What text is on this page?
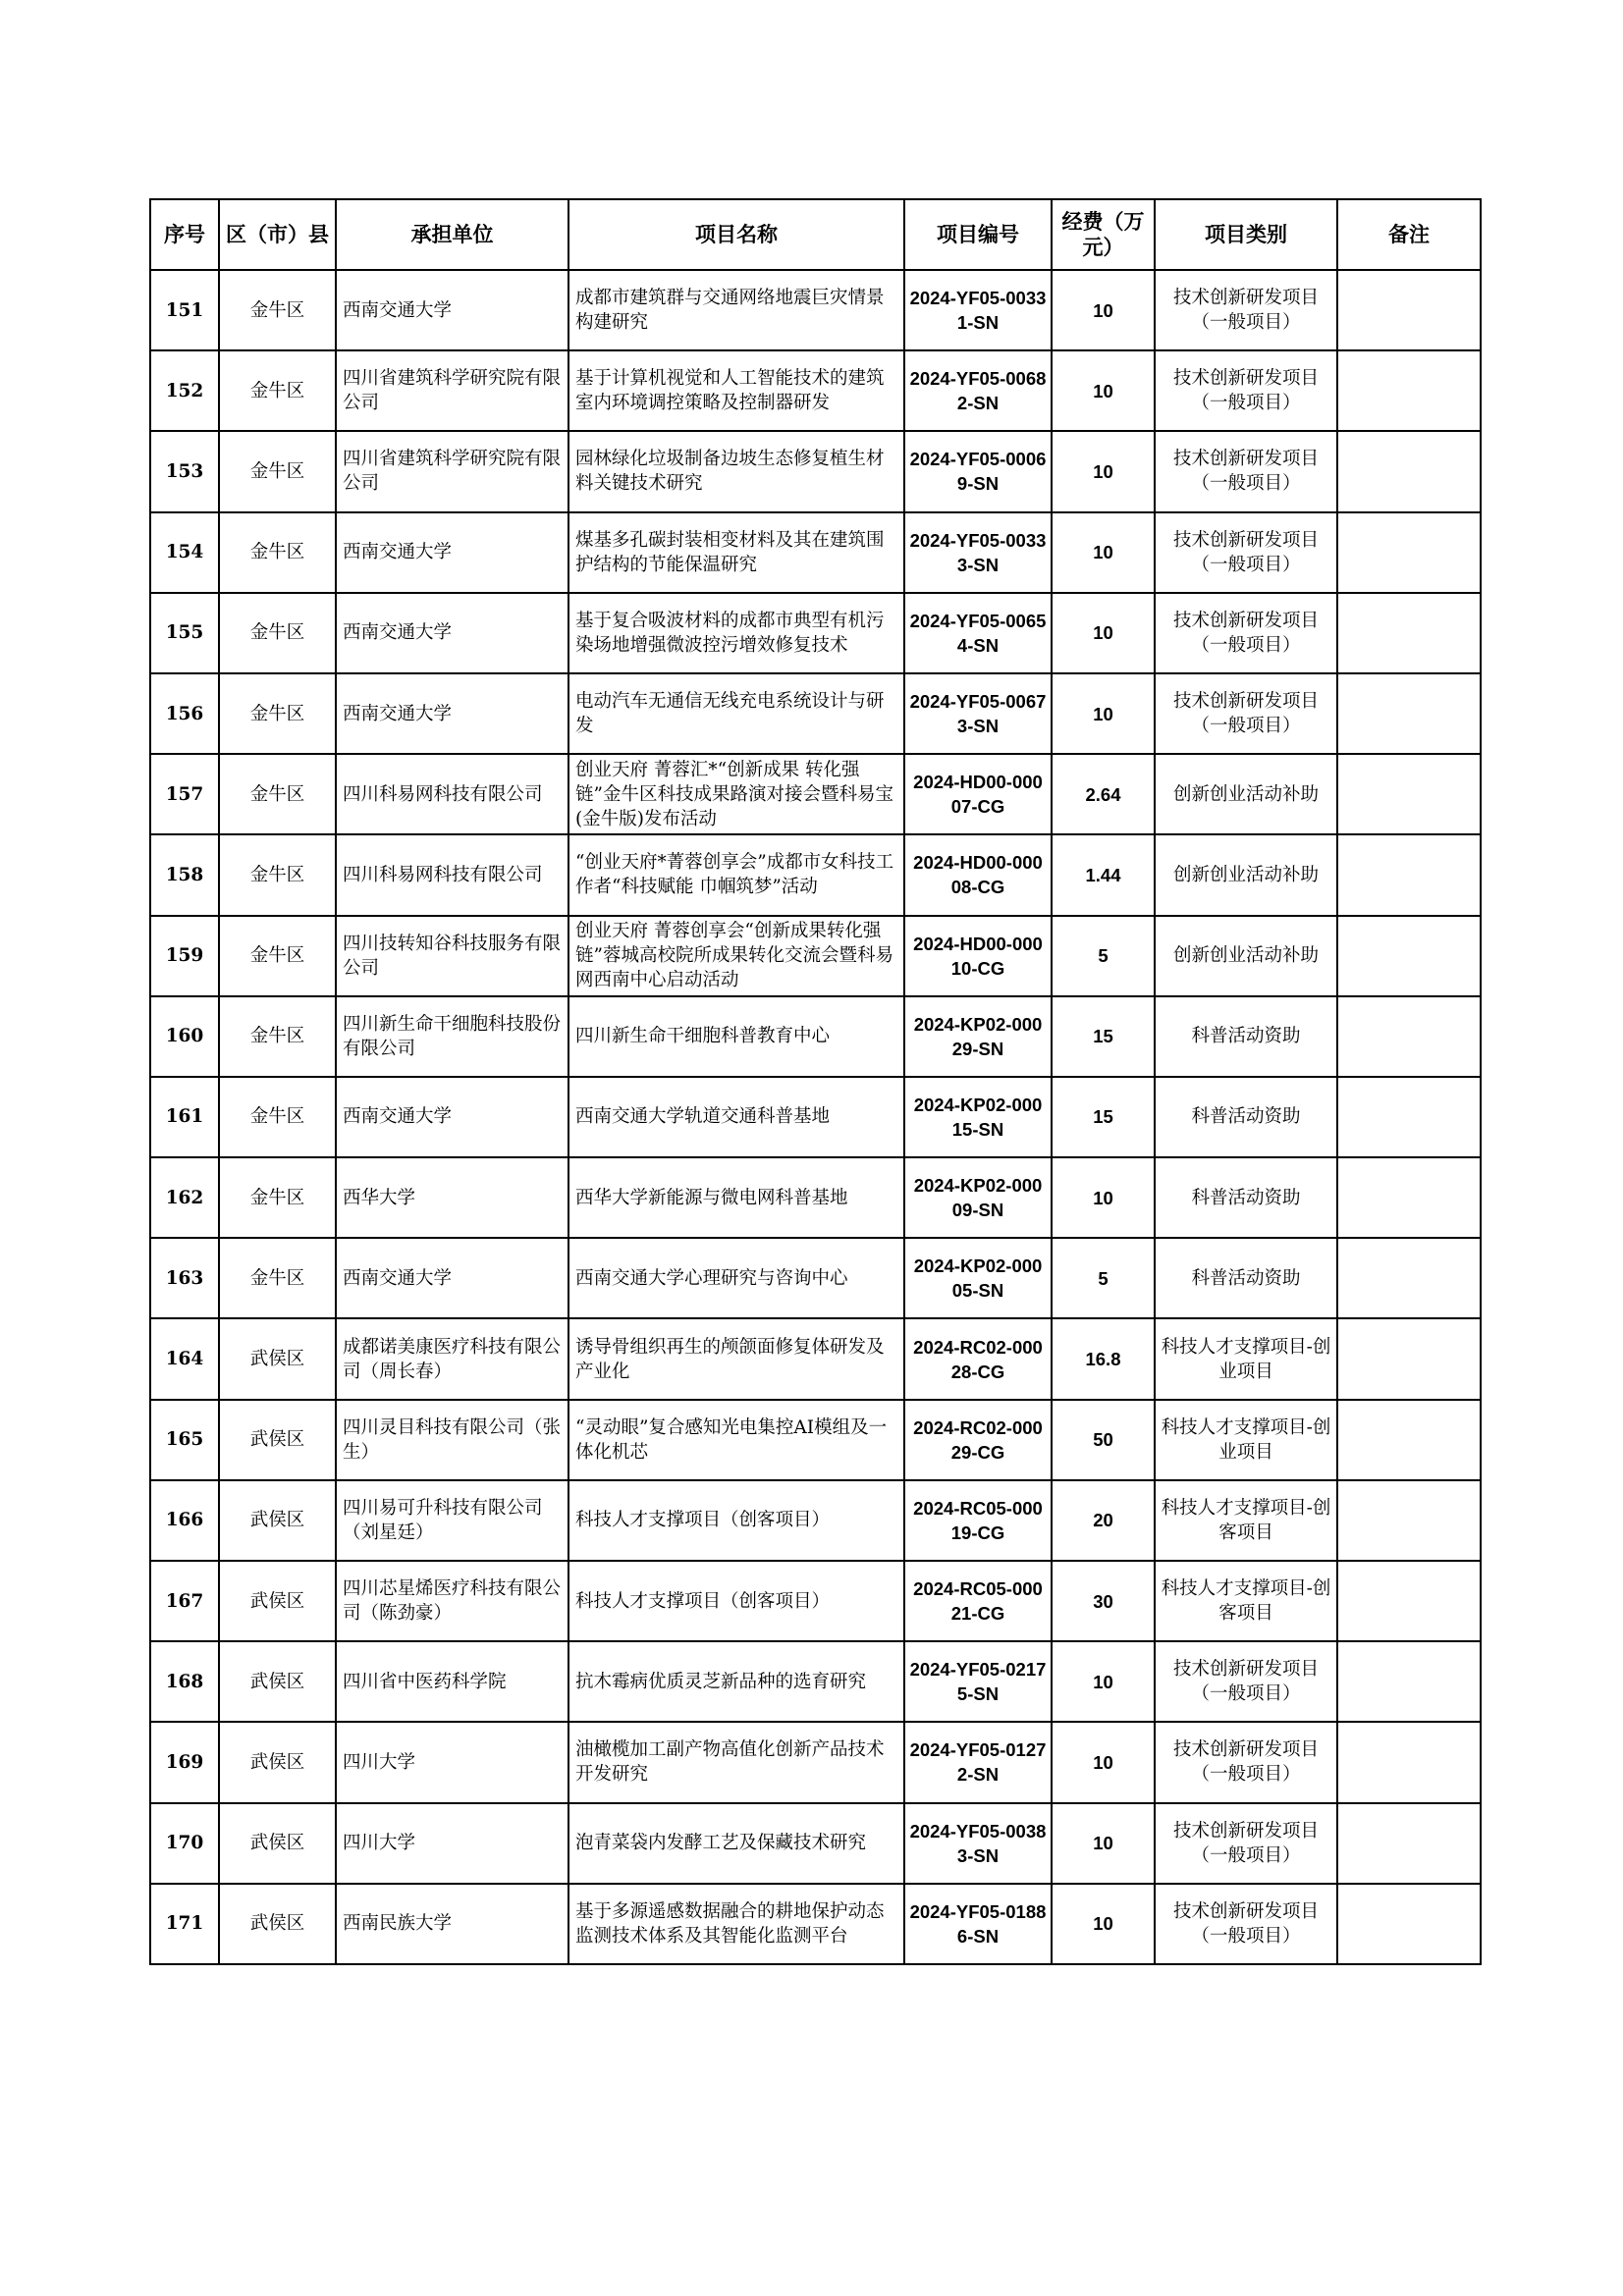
序号	区（市）县	承担单位	项目名称	项目编号	经费（万元）	项目类别	备注
151	金牛区	西南交通大学	成都市建筑群与交通网络地震巨灾情景构建研究	2024-YF05-00331-SN	10	技术创新研发项目（一般项目）	
152	金牛区	四川省建筑科学研究院有限公司	基于计算机视觉和人工智能技术的建筑室内环境调控策略及控制器研发	2024-YF05-00682-SN	10	技术创新研发项目（一般项目）	
153	金牛区	四川省建筑科学研究院有限公司	园林绿化垃圾制备边坡生态修复植生材料关键技术研究	2024-YF05-00069-SN	10	技术创新研发项目（一般项目）	
154	金牛区	西南交通大学	煤基多孔碳封装相变材料及其在建筑围护结构的节能保温研究	2024-YF05-00333-SN	10	技术创新研发项目（一般项目）	
155	金牛区	西南交通大学	基于复合吸波材料的成都市典型有机污染场地增强微波控污增效修复技术	2024-YF05-00654-SN	10	技术创新研发项目（一般项目）	
156	金牛区	西南交通大学	电动汽车无通信无线充电系统设计与研发	2024-YF05-00673-SN	10	技术创新研发项目（一般项目）	
157	金牛区	四川科易网科技有限公司	创业天府 菁蓉汇*“创新成果 转化强链”金牛区科技成果路演对接会暨科易宝(金牛版)发布活动	2024-HD00-00007-CG	2.64	创新创业活动补助	
158	金牛区	四川科易网科技有限公司	“创业天府*菁蓉创享会”成都市女科技工作者“科技赋能 巾帼筑梦”活动	2024-HD00-00008-CG	1.44	创新创业活动补助	
159	金牛区	四川技转知谷科技服务有限公司	创业天府 菁蓉创享会“创新成果转化强链”蓉城高校院所成果转化交流会暨科易网西南中心启动活动	2024-HD00-00010-CG	5	创新创业活动补助	
160	金牛区	四川新生命干细胞科技股份有限公司	四川新生命干细胞科普教育中心	2024-KP02-00029-SN	15	科普活动资助	
161	金牛区	西南交通大学	西南交通大学轨道交通科普基地	2024-KP02-00015-SN	15	科普活动资助	
162	金牛区	西华大学	西华大学新能源与微电网科普基地	2024-KP02-00009-SN	10	科普活动资助	
163	金牛区	西南交通大学	西南交通大学心理研究与咨询中心	2024-KP02-00005-SN	5	科普活动资助	
164	武侯区	成都诺美康医疗科技有限公司（周长春）	诱导骨组织再生的颅颌面修复体研发及产业化	2024-RC02-00028-CG	16.8	科技人才支撑项目-创业项目	
165	武侯区	四川灵目科技有限公司（张生）	“灵动眼”复合感知光电集控AI模组及一体化机芯	2024-RC02-00029-CG	50	科技人才支撑项目-创业项目	
166	武侯区	四川易可升科技有限公司（刘星廷）	科技人才支撑项目（创客项目）	2024-RC05-00019-CG	20	科技人才支撑项目-创客项目	
167	武侯区	四川芯星烯医疗科技有限公司（陈劲豪）	科技人才支撑项目（创客项目）	2024-RC05-00021-CG	30	科技人才支撑项目-创客项目	
168	武侯区	四川省中医药科学院	抗木霉病优质灵芝新品种的选育研究	2024-YF05-02175-SN	10	技术创新研发项目（一般项目）	
169	武侯区	四川大学	油橄榄加工副产物高值化创新产品技术开发研究	2024-YF05-01272-SN	10	技术创新研发项目（一般项目）	
170	武侯区	四川大学	泡青菜袋内发酵工艺及保藏技术研究	2024-YF05-00383-SN	10	技术创新研发项目（一般项目）	
171	武侯区	西南民族大学	基于多源遥感数据融合的耕地保护动态监测技术体系及其智能化监测平台	2024-YF05-01886-SN	10	技术创新研发项目（一般项目）	
